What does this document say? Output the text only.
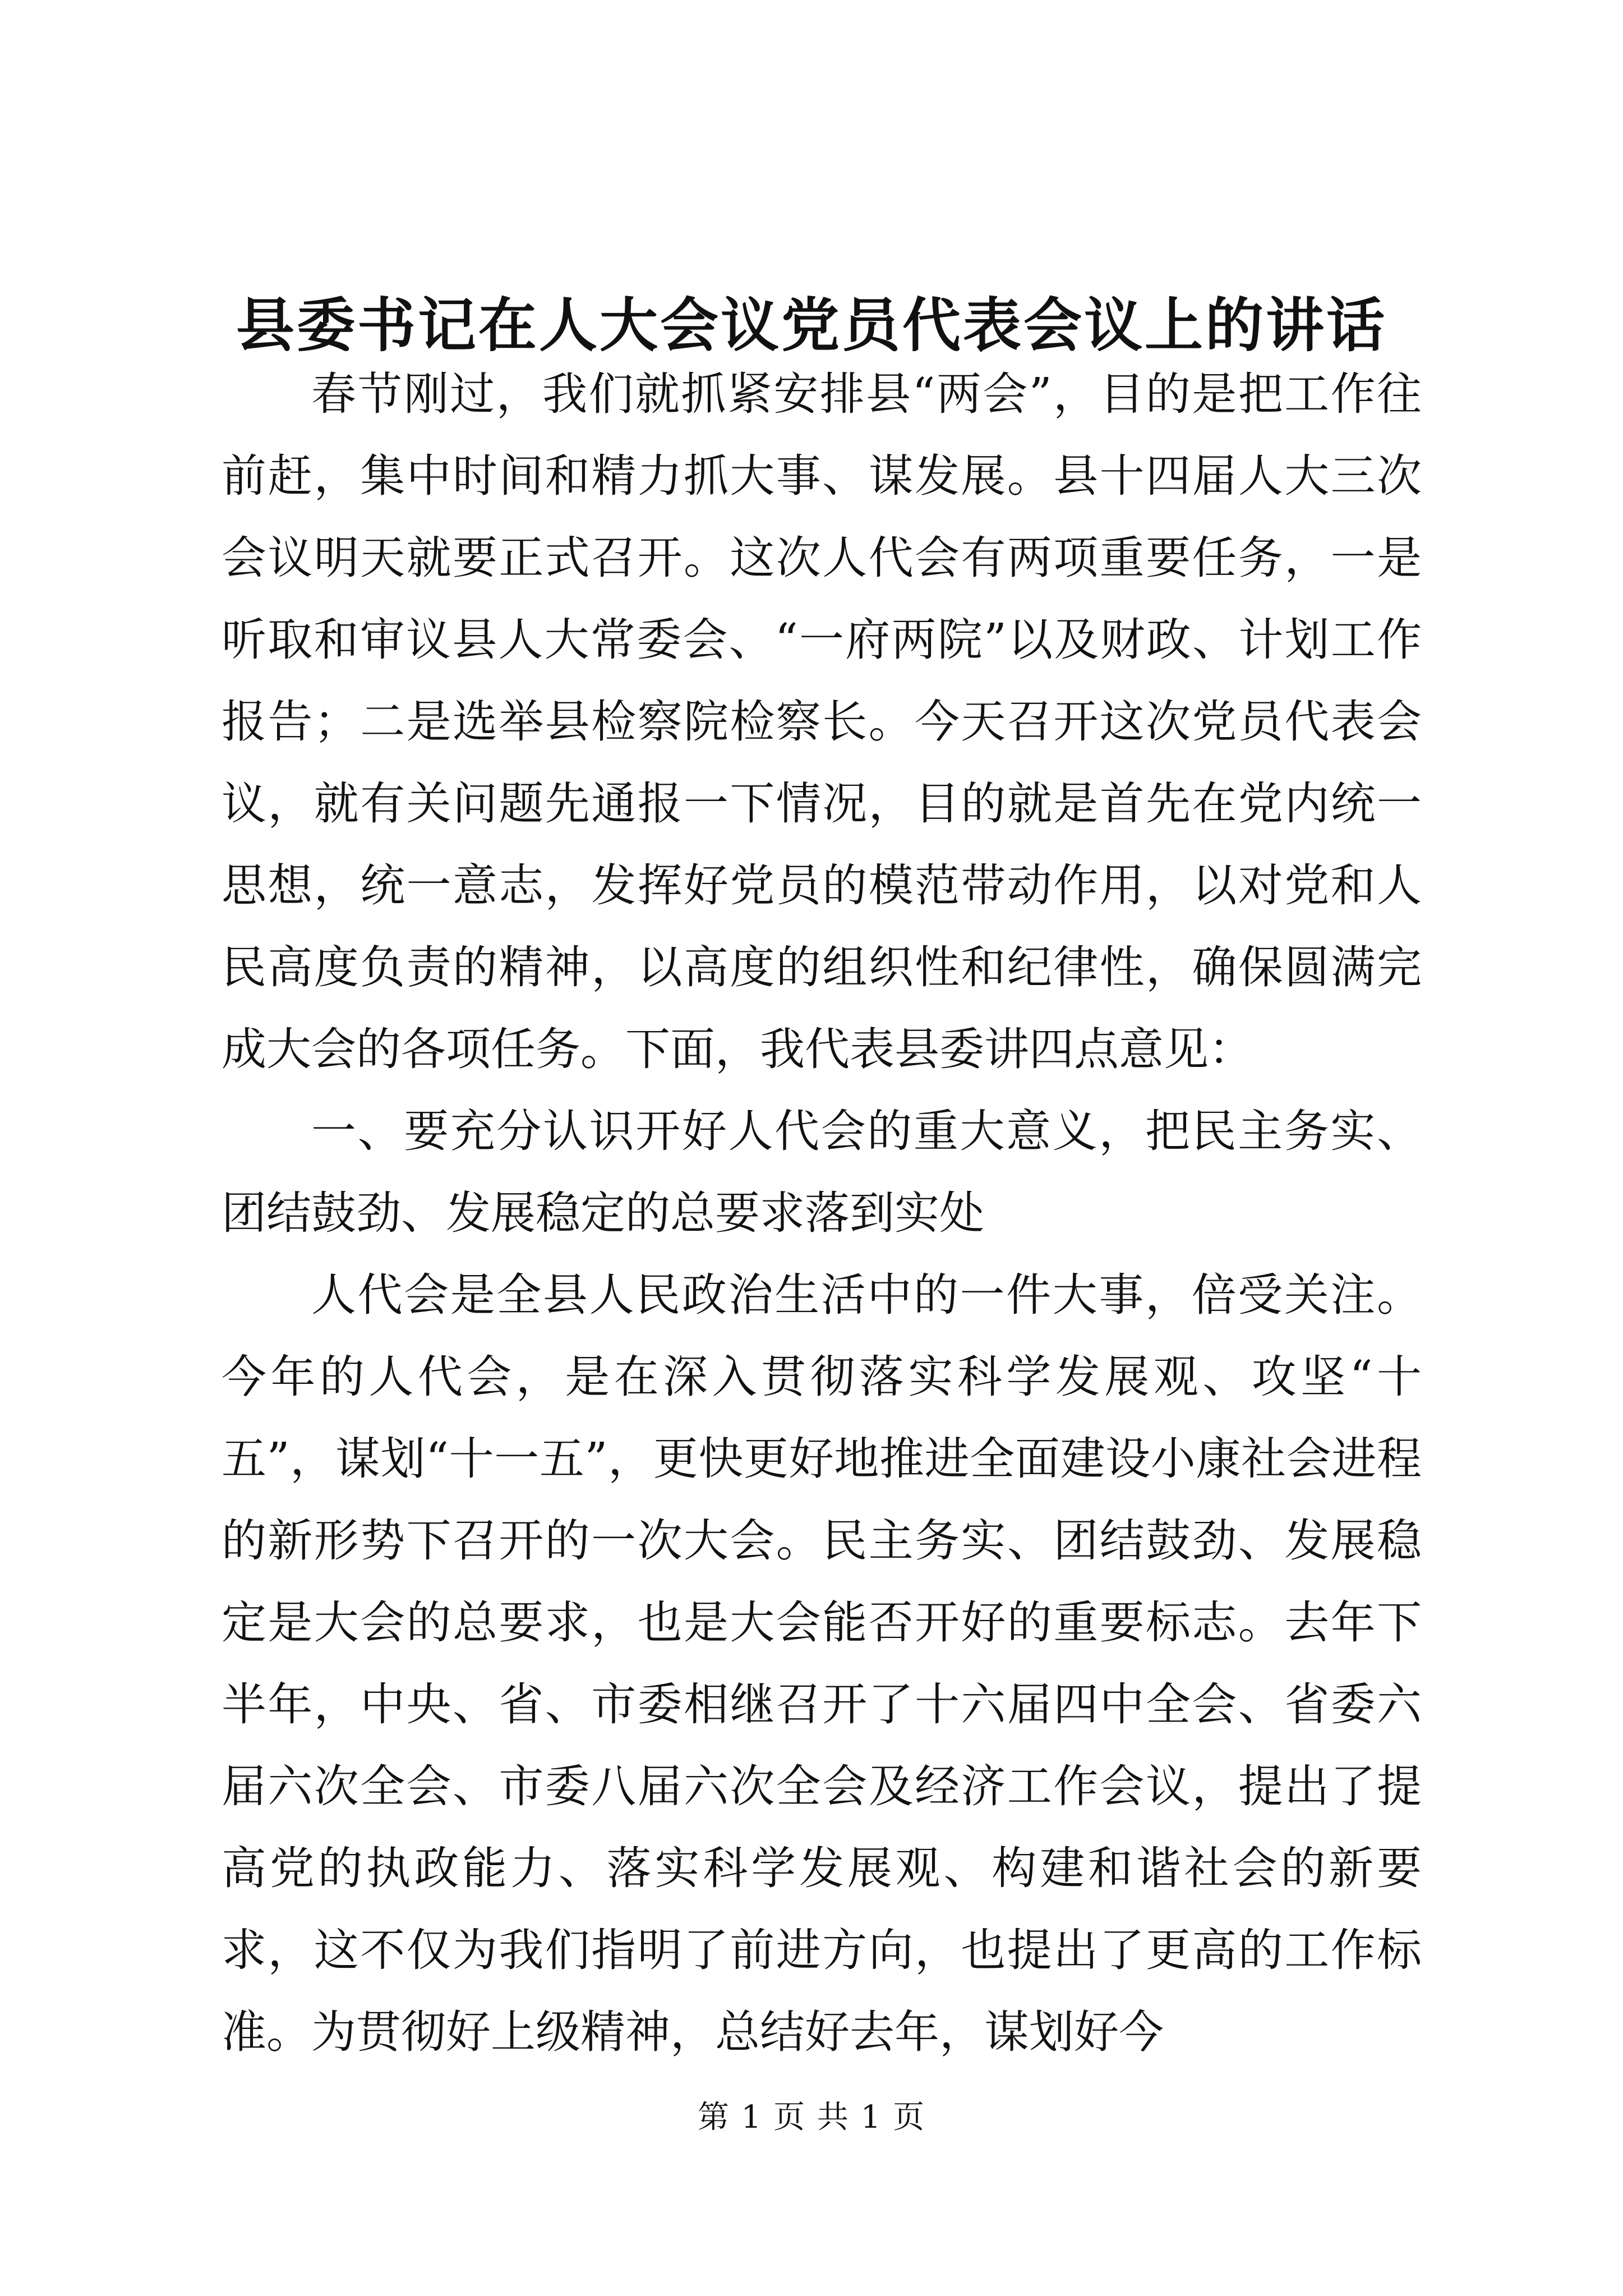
县委书记在人大会议党员代表会议上的讲话

春节刚过，我们就抓紧安排县“两会”，目的是把工作往前赶，集中时间和精力抓大事、谋发展。县十四届人大三次会议明天就要正式召开。这次人代会有两项重要任务，一是听取和审议县人大常委会、“一府两院”以及财政、计划工作报告；二是选举县检察院检察长。今天召开这次党员代表会议，就有关问题先通报一下情况，目的就是首先在党内统一思想，统一意志，发挥好党员的模范带动作用，以对党和人民高度负责的精神，以高度的组织性和纪律性，确保圆满完成大会的各项任务。下面，我代表县委讲四点意见：

一、要充分认识开好人代会的重大意义，把民主务实、团结鼓劲、发展稳定的总要求落到实处

人代会是全县人民政治生活中的一件大事，倍受关注。今年的人代会，是在深入贯彻落实科学发展观、攻坚“十五”，谋划“十一五”，更快更好地推进全面建设小康社会进程的新形势下召开的一次大会。民主务实、团结鼓劲、发展稳定是大会的总要求，也是大会能否开好的重要标志。去年下半年，中央、省、市委相继召开了十六届四中全会、省委六届六次全会、市委八届六次全会及经济工作会议，提出了提高党的执政能力、落实科学发展观、构建和谐社会的新要求，这不仅为我们指明了前进方向，也提出了更高的工作标准。为贯彻好上级精神，总结好去年，谋划好今

第 1 页 共 1 页
